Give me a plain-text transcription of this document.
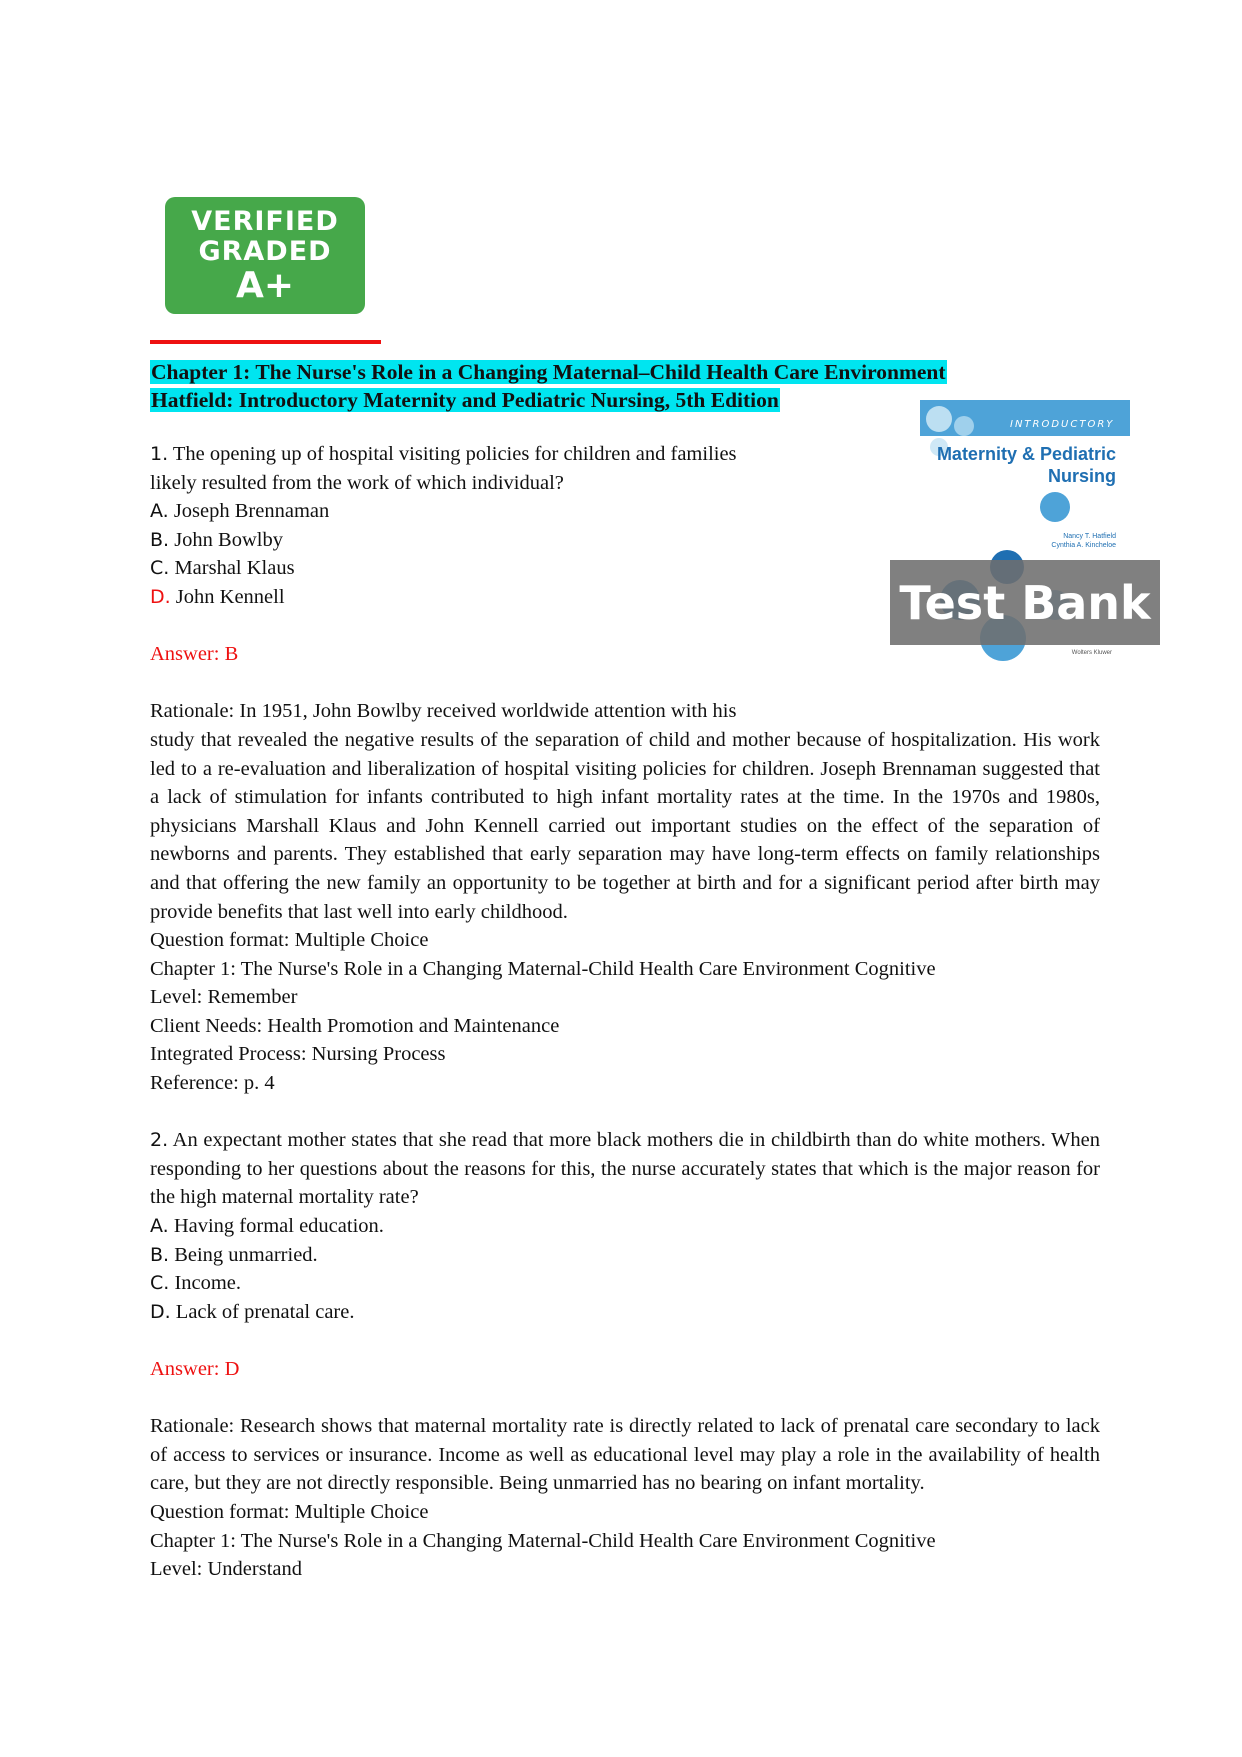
VERIFIED
GRADED
A+
Chapter 1: The Nurse's Role in a Changing Maternal–Child Health Care Environment
Hatfield: Introductory Maternity and Pediatric Nursing, 5th Edition
INTRODUCTORY
Maternity & Pediatric
Nursing
Nancy T. Hatfield
Cynthia A. Kincheloe
Wolters Kluwer
Test Bank

1. The opening up of hospital visiting policies for children and families

likely resulted from the work of which individual?

A. Joseph Brennaman

B. John Bowlby

C. Marshal Klaus

D. John Kennell

Answer: B

Rationale: In 1951, John Bowlby received worldwide attention with his

study that revealed the negative results of the separation of child and mother because of hospitalization. His work led to a re-evaluation and liberalization of hospital visiting policies for children. Joseph Brennaman suggested that a lack of stimulation for infants contributed to high infant mortality rates at the time. In the 1970s and 1980s, physicians Marshall Klaus and John Kennell carried out important studies on the effect of the separation of newborns and parents. They established that early separation may have long-term effects on family relationships and that offering the new family an opportunity to be together at birth and for a significant period after birth may provide benefits that last well into early childhood.

Question format: Multiple Choice

Chapter 1: The Nurse's Role in a Changing Maternal-Child Health Care Environment Cognitive

Level: Remember

Client Needs: Health Promotion and Maintenance

Integrated Process: Nursing Process

Reference: p. 4

2. An expectant mother states that she read that more black mothers die in childbirth than do white mothers. When responding to her questions about the reasons for this, the nurse accurately states that which is the major reason for the high maternal mortality rate?

A. Having formal education.

B. Being unmarried.

C. Income.

D. Lack of prenatal care.

Answer: D

Rationale: Research shows that maternal mortality rate is directly related to lack of prenatal care secondary to lack of access to services or insurance. Income as well as educational level may play a role in the availability of health care, but they are not directly responsible. Being unmarried has no bearing on infant mortality.

Question format: Multiple Choice

Chapter 1: The Nurse's Role in a Changing Maternal-Child Health Care Environment Cognitive

Level: Understand
